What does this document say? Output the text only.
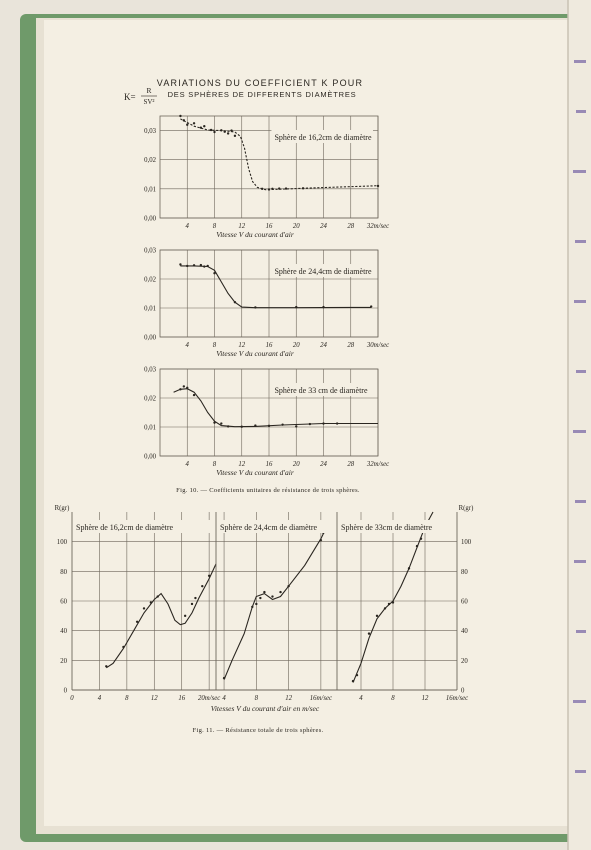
VARIATIONS DU COEFFICIENT K POUR
DES SPHÈRES DE DIFFERENTS DIAMÈTRES
K=
R
SV²
0,00
0,01
0,02
0,03
4	8	12	16	20	24	28 32m/sec
Vitesse V du courant d'air
Sphère de 16,2cm de diamètre
0,00
0,01
0,02
0,03
4	8	12	16	20	24	28 30m/sec
Vitesse V du courant d'air
Sphère de 24,4cm de diamètre
0,00
0,01
0,02
0,03
4	8	12	16	20	24	28 32m/sec
Vitesse V du courant d'air
Sphère de 33 cm de diamètre
0	0
20	20
40	40
60	60
80	80
100	100
R(gr)	R(gr)
0	4	8	12	16 20m/sec
Sphère de 16,2cm de diamètre
4	8	12	16m/sec
Sphère de 24,4cm de diamètre
4	8	12	16m/sec
Sphère de 33cm de diamètre
Vitesses V du courant d'air en m/sec
Fig. 10. — Coefficients unitaires de résistance de trois sphères.
Fig. 11. — Résistance totale de trois sphères.
